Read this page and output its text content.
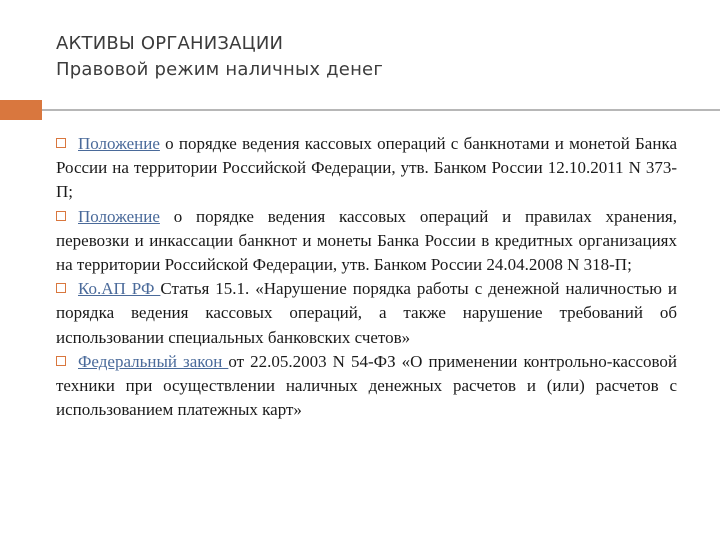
АКТИВЫ ОРГАНИЗАЦИИ
Правовой режим наличных денег

Положение о порядке ведения кассовых операций с банкнотами и монетой Банка России на территории Российской Федерации, утв. Банком России 12.10.2011 N 373-П;

Положение о порядке ведения кассовых операций и правилах хранения, перевозки и инкассации банкнот и монеты Банка России в кредитных организациях на территории Российской Федерации, утв. Банком России 24.04.2008 N 318-П;

Ко.АП РФ Статья 15.1. «Нарушение порядка работы с денежной наличностью и порядка ведения кассовых операций, а также нарушение требований об использовании специальных банковских счетов»

Федеральный закон от 22.05.2003 N 54-ФЗ «О применении контрольно-кассовой техники при осуществлении наличных денежных расчетов и (или) расчетов с использованием платежных карт»
